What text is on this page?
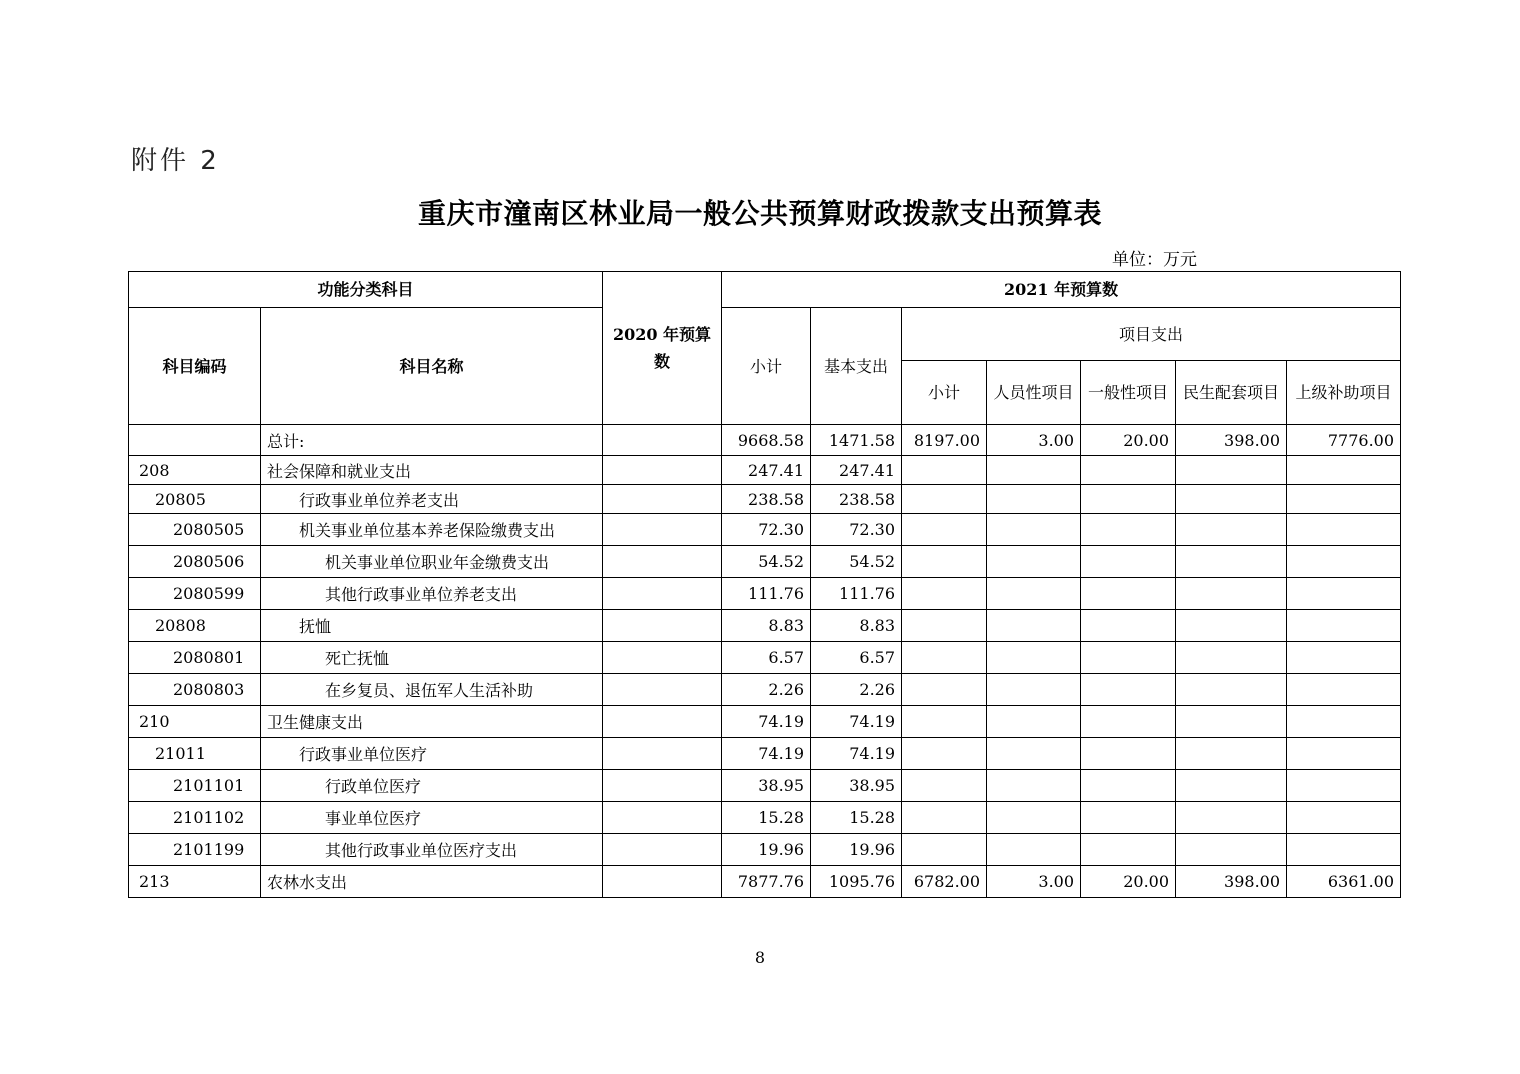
附件 2
重庆市潼南区林业局一般公共预算财政拨款支出预算表
单位：万元
功能分类科目		2020 年预算数	2021 年预算数						
科目编码	科目名称		小计	基本支出	项目支出				
					小计	人员性项目	一般性项目	民生配套项目	上级补助项目
	总计:		9668.58	1471.58	8197.00	3.00	20.00	398.00	7776.00
208	社会保障和就业支出		247.41	247.41					
20805	行政事业单位养老支出		238.58	238.58					
2080505	机关事业单位基本养老保险缴费支出		72.30	72.30					
2080506	机关事业单位职业年金缴费支出		54.52	54.52					
2080599	其他行政事业单位养老支出		111.76	111.76					
20808	抚恤		8.83	8.83					
2080801	死亡抚恤		6.57	6.57					
2080803	在乡复员、退伍军人生活补助		2.26	2.26					
210	卫生健康支出		74.19	74.19					
21011	行政事业单位医疗		74.19	74.19					
2101101	行政单位医疗		38.95	38.95					
2101102	事业单位医疗		15.28	15.28					
2101199	其他行政事业单位医疗支出		19.96	19.96					
213	农林水支出		7877.76	1095.76	6782.00	3.00	20.00	398.00	6361.00
8
